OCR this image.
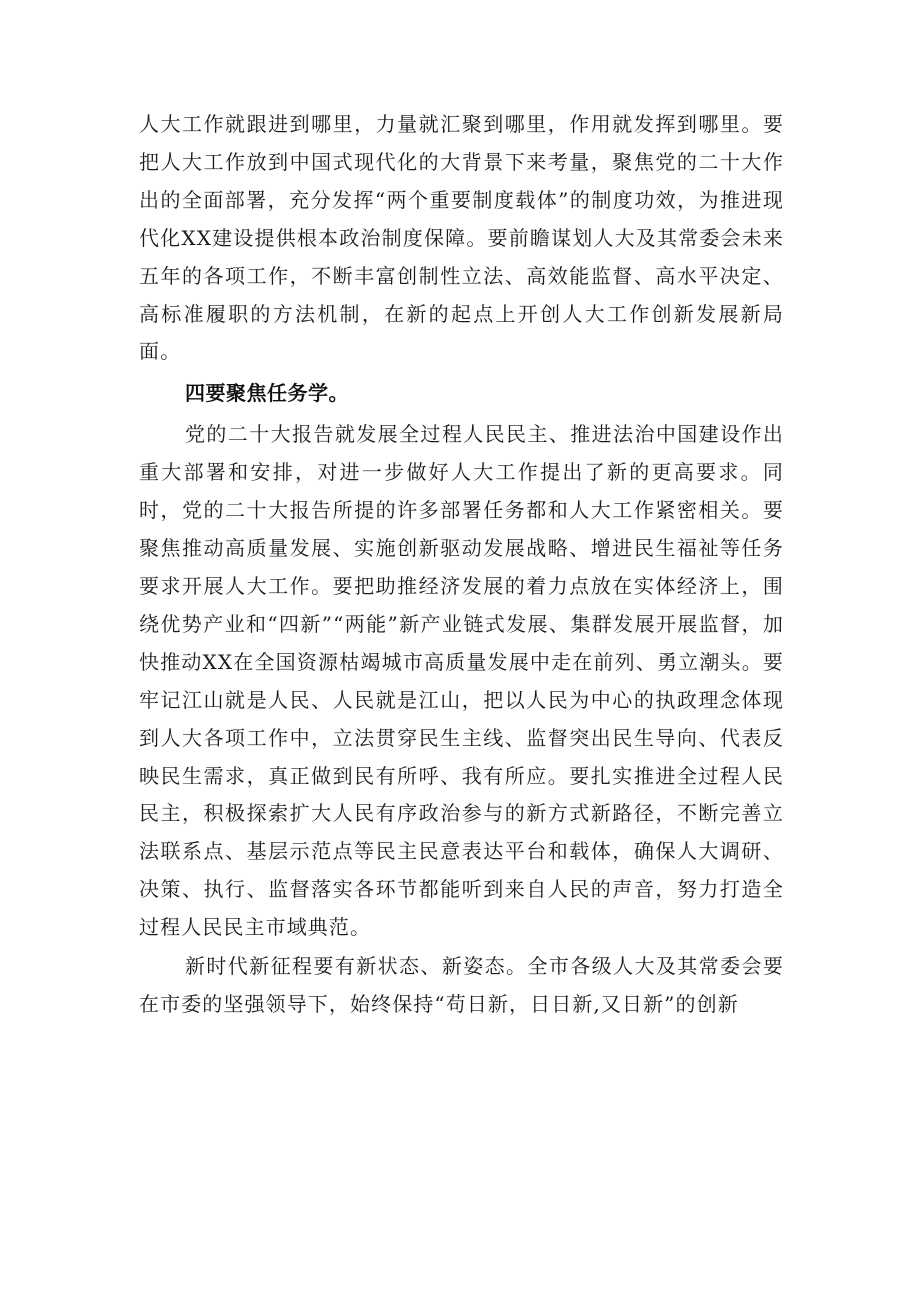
人大工作就跟进到哪里，力量就汇聚到哪里，作用就发挥到哪里。要把人大工作放到中国式现代化的大背景下来考量，聚焦党的二十大作出的全面部署，充分发挥“两个重要制度载体”的制度功效，为推进现代化XX建设提供根本政治制度保障。要前瞻谋划人大及其常委会未来五年的各项工作，不断丰富创制性立法、高效能监督、高水平决定、高标准履职的方法机制，在新的起点上开创人大工作创新发展新局面。

四要聚焦任务学。

党的二十大报告就发展全过程人民民主、推进法治中国建设作出重大部署和安排，对进一步做好人大工作提出了新的更高要求。同时，党的二十大报告所提的许多部署任务都和人大工作紧密相关。要聚焦推动高质量发展、实施创新驱动发展战略、增进民生福祉等任务要求开展人大工作。要把助推经济发展的着力点放在实体经济上，围绕优势产业和“四新”“两能”新产业链式发展、集群发展开展监督，加快推动XX在全国资源枯竭城市高质量发展中走在前列、勇立潮头。要牢记江山就是人民、人民就是江山，把以人民为中心的执政理念体现到人大各项工作中，立法贯穿民生主线、监督突出民生导向、代表反映民生需求，真正做到民有所呼、我有所应。要扎实推进全过程人民民主，积极探索扩大人民有序政治参与的新方式新路径，不断完善立法联系点、基层示范点等民主民意表达平台和载体，确保人大调研、决策、执行、监督落实各环节都能听到来自人民的声音，努力打造全过程人民民主市域典范。

新时代新征程要有新状态、新姿态。全市各级人大及其常委会要在市委的坚强领导下，始终保持“苟日新，日日新,又日新”的创新
